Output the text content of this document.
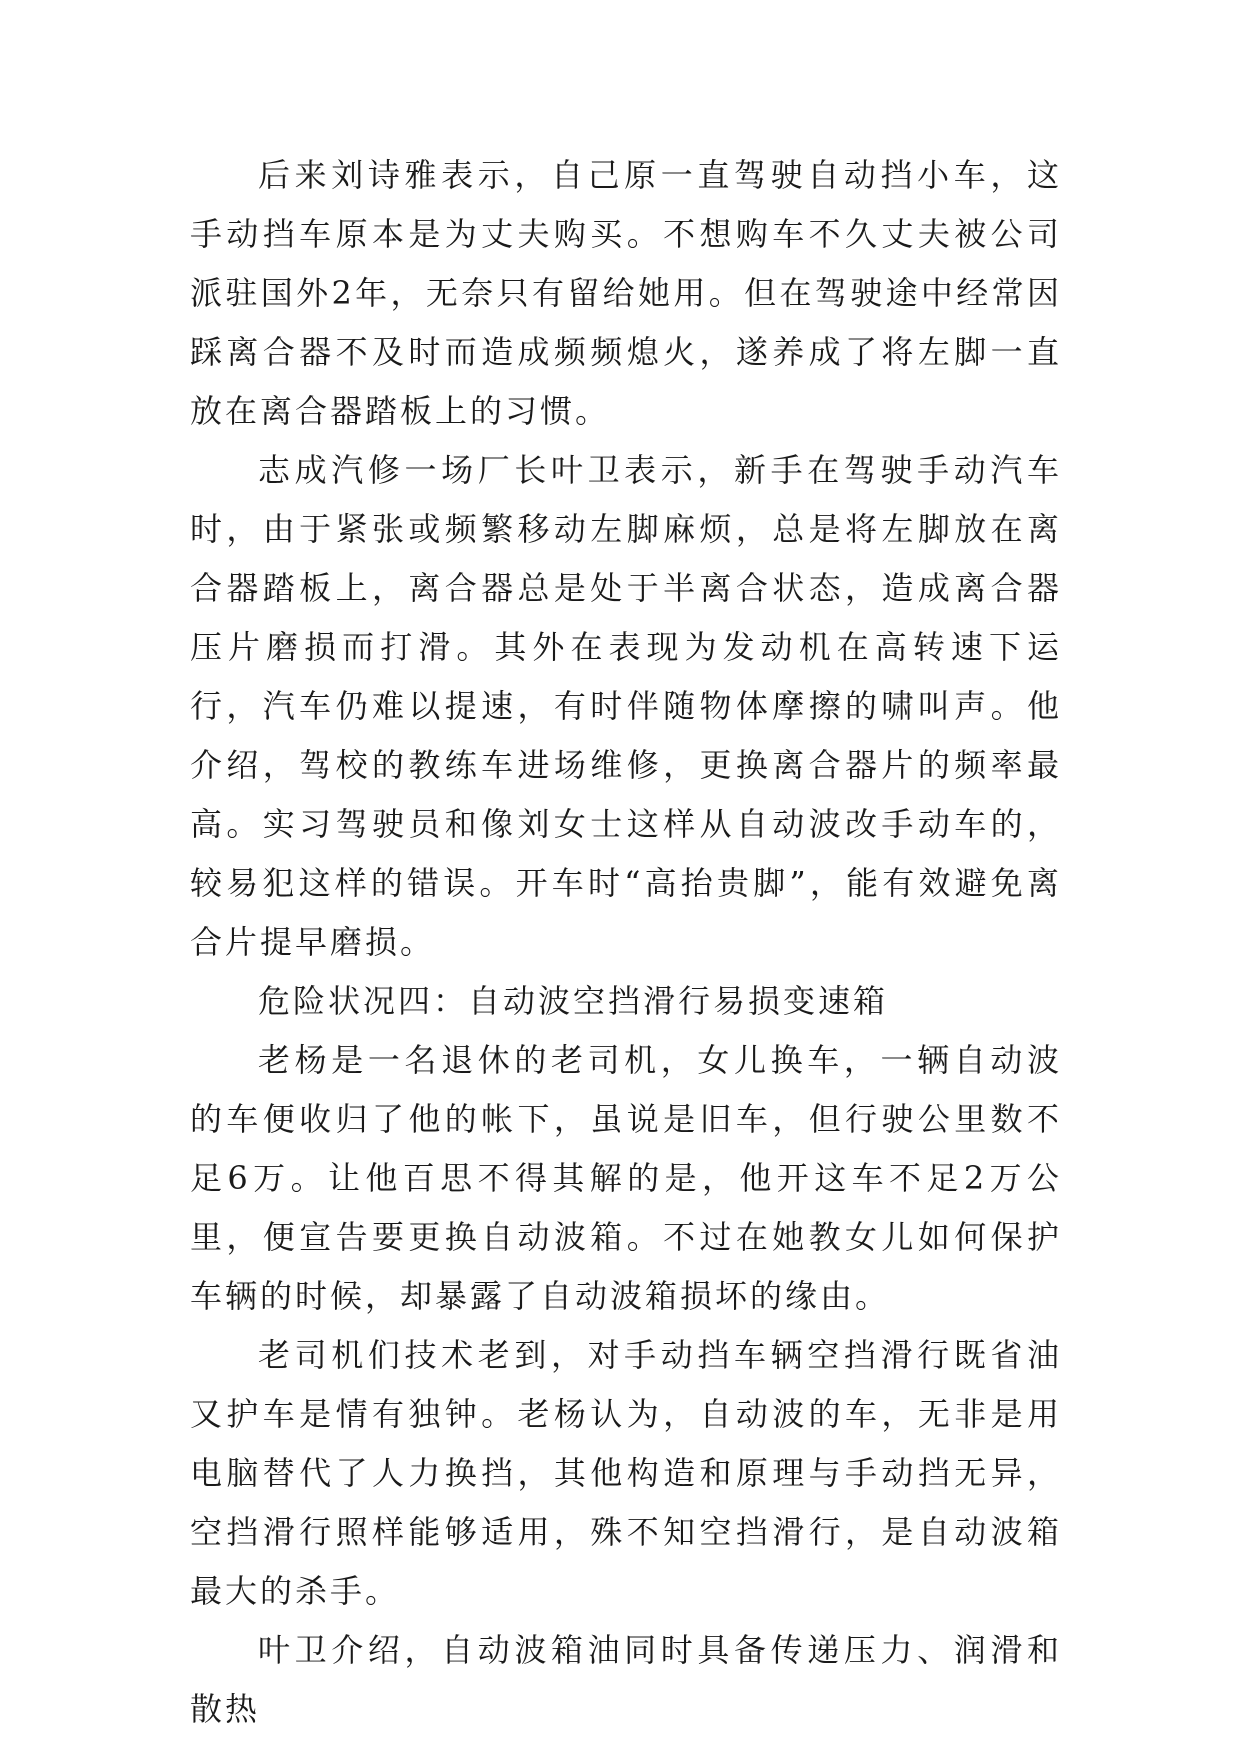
后来刘诗雅表示，自己原一直驾驶自动挡小车，这手动挡车原本是为丈夫购买。不想购车不久丈夫被公司派驻国外2年，无奈只有留给她用。但在驾驶途中经常因踩离合器不及时而造成频频熄火，遂养成了将左脚一直放在离合器踏板上的习惯。

志成汽修一场厂长叶卫表示，新手在驾驶手动汽车时，由于紧张或频繁移动左脚麻烦，总是将左脚放在离合器踏板上，离合器总是处于半离合状态，造成离合器压片磨损而打滑。其外在表现为发动机在高转速下运行，汽车仍难以提速，有时伴随物体摩擦的啸叫声。他介绍，驾校的教练车进场维修，更换离合器片的频率最高。实习驾驶员和像刘女士这样从自动波改手动车的，较易犯这样的错误。开车时“高抬贵脚”，能有效避免离合片提早磨损。

危险状况四：自动波空挡滑行易损变速箱

老杨是一名退休的老司机，女儿换车，一辆自动波的车便收归了他的帐下，虽说是旧车，但行驶公里数不足6万。让他百思不得其解的是，他开这车不足2万公里，便宣告要更换自动波箱。不过在她教女儿如何保护车辆的时候，却暴露了自动波箱损坏的缘由。

老司机们技术老到，对手动挡车辆空挡滑行既省油又护车是情有独钟。老杨认为，自动波的车，无非是用电脑替代了人力换挡，其他构造和原理与手动挡无异，空挡滑行照样能够适用，殊不知空挡滑行，是自动波箱最大的杀手。

叶卫介绍，自动波箱油同时具备传递压力、润滑和散热
